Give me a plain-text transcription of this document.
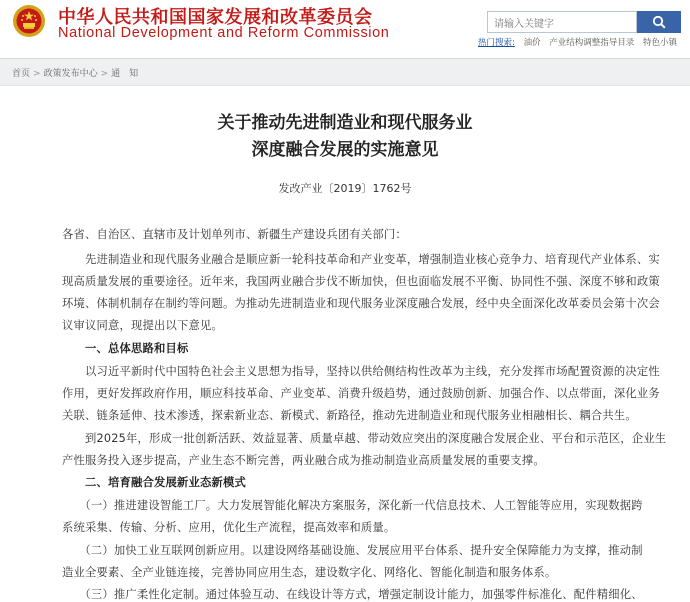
中华人民共和国国家发展和改革委员会
National Development and Reform Commission
请输入关键字
热门搜索: 油价 产业结构调整指导目录 特色小镇
首页 > 政策发布中心 > 通　知
关于推动先进制造业和现代服务业
深度融合发展的实施意见
发改产业〔2019〕1762号
各省、自治区、直辖市及计划单列市、新疆生产建设兵团有关部门：
　　先进制造业和现代服务业融合是顺应新一轮科技革命和产业变革，增强制造业核心竞争力、培育现代产业体系、实
现高质量发展的重要途径。近年来，我国两业融合步伐不断加快，但也面临发展不平衡、协同性不强、深度不够和政策
环境、体制机制存在制约等问题。为推动先进制造业和现代服务业深度融合发展，经中央全面深化改革委员会第十次会
议审议同意，现提出以下意见。
　　一、总体思路和目标
　　以习近平新时代中国特色社会主义思想为指导，坚持以供给侧结构性改革为主线，充分发挥市场配置资源的决定性
作用，更好发挥政府作用，顺应科技革命、产业变革、消费升级趋势，通过鼓励创新、加强合作、以点带面，深化业务
关联、链条延伸、技术渗透，探索新业态、新模式、新路径，推动先进制造业和现代服务业相融相长、耦合共生。
　　到2025年，形成一批创新活跃、效益显著、质量卓越、带动效应突出的深度融合发展企业、平台和示范区，企业生
产性服务投入逐步提高，产业生态不断完善，两业融合成为推动制造业高质量发展的重要支撑。
　　二、培育融合发展新业态新模式
　　（一）推进建设智能工厂。大力发展智能化解决方案服务，深化新一代信息技术、人工智能等应用，实现数据跨
系统采集、传输、分析、应用，优化生产流程，提高效率和质量。
　　（二）加快工业互联网创新应用。以建设网络基础设施、发展应用平台体系、提升安全保障能力为支撑，推动制
造业全要素、全产业链连接，完善协同应用生态，建设数字化、网络化、智能化制造和服务体系。
　　（三）推广柔性化定制。通过体验互动、在线设计等方式，增强定制设计能力，加强零件标准化、配件精细化、
